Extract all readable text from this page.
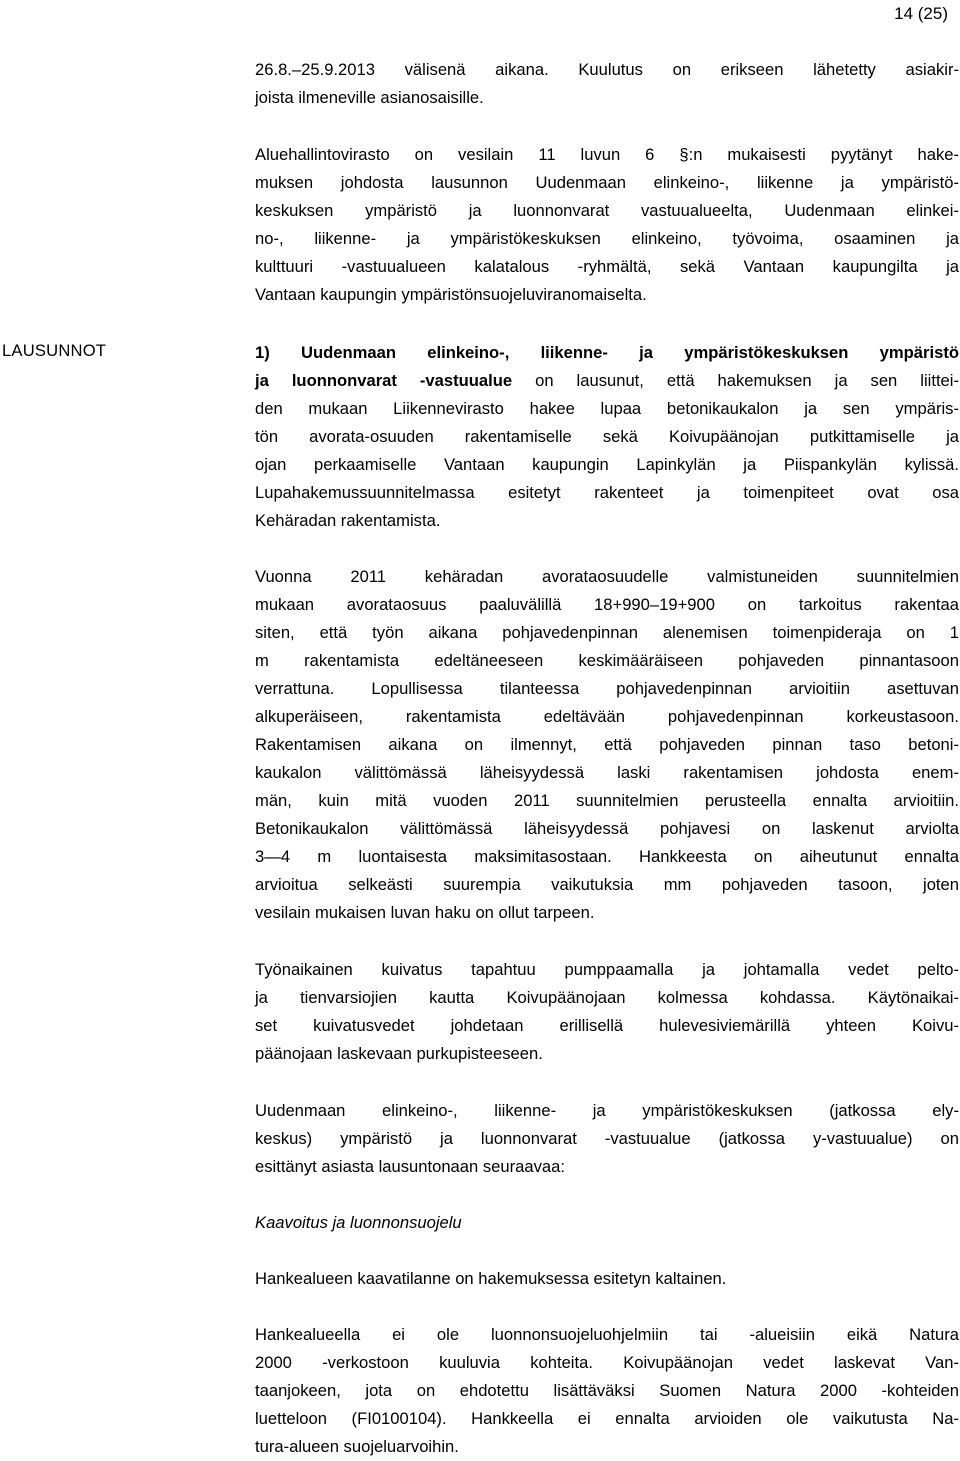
14 (25)
LAUSUNNOT

26.8.–25.9.2013 välisenä aikana. Kuulutus on erikseen lähetetty asiakir-
joista ilmeneville asianosaisille.

Aluehallintovirasto on vesilain 11 luvun 6 §:n mukaisesti pyytänyt hake-
muksen johdosta lausunnon Uudenmaan elinkeino-, liikenne ja ympäristö-
keskuksen ympäristö ja luonnonvarat vastuualueelta, Uudenmaan elinkei-
no-, liikenne- ja ympäristökeskuksen elinkeino, työvoima, osaaminen ja
kulttuuri -vastuualueen kalatalous -ryhmältä, sekä Vantaan kaupungilta ja
Vantaan kaupungin ympäristönsuojeluviranomaiselta.

1) Uudenmaan elinkeino-, liikenne- ja ympäristökeskuksen ympäristö
ja luonnonvarat -vastuualue on lausunut, että hakemuksen ja sen liittei-
den mukaan Liikennevirasto hakee lupaa betonikaukalon ja sen ympäris-
tön avorata-osuuden rakentamiselle sekä Koivupäänojan putkittamiselle ja
ojan perkaamiselle Vantaan kaupungin Lapinkylän ja Piispankylän kylissä.
Lupahakemussuunnitelmassa esitetyt rakenteet ja toimenpiteet ovat osa
Kehäradan rakentamista.

Vuonna 2011 kehäradan avorataosuudelle valmistuneiden suunnitelmien
mukaan avorataosuus paaluvälillä 18+990–19+900 on tarkoitus rakentaa
siten, että työn aikana pohjavedenpinnan alenemisen toimenpideraja on 1
m rakentamista edeltäneeseen keskimääräiseen pohjaveden pinnantasoon
verrattuna. Lopullisessa tilanteessa pohjavedenpinnan arvioitiin asettuvan
alkuperäiseen, rakentamista edeltävään pohjavedenpinnan korkeustasoon.
Rakentamisen aikana on ilmennyt, että pohjaveden pinnan taso betoni-
kaukalon välittömässä läheisyydessä laski rakentamisen johdosta enem-
män, kuin mitä vuoden 2011 suunnitelmien perusteella ennalta arvioitiin.
Betonikaukalon välittömässä läheisyydessä pohjavesi on laskenut arviolta
3—4 m luontaisesta maksimitasostaan. Hankkeesta on aiheutunut ennalta
arvioitua selkeästi suurempia vaikutuksia mm pohjaveden tasoon, joten
vesilain mukaisen luvan haku on ollut tarpeen.

Työnaikainen kuivatus tapahtuu pumppaamalla ja johtamalla vedet pelto-
ja tienvarsiojien kautta Koivupäänojaan kolmessa kohdassa. Käytönaikai-
set kuivatusvedet johdetaan erillisellä hulevesiviemärillä yhteen Koivu-
päänojaan laskevaan purkupisteeseen.

Uudenmaan elinkeino-, liikenne- ja ympäristökeskuksen (jatkossa ely-
keskus) ympäristö ja luonnonvarat -vastuualue (jatkossa y-vastuualue) on
esittänyt asiasta lausuntonaan seuraavaa:

Kaavoitus ja luonnonsuojelu

Hankealueen kaavatilanne on hakemuksessa esitetyn kaltainen.

Hankealueella ei ole luonnonsuojeluohjelmiin tai -alueisiin eikä Natura
2000 -verkostoon kuuluvia kohteita. Koivupäänojan vedet laskevat Van-
taanjokeen, jota on ehdotettu lisättäväksi Suomen Natura 2000 -kohteiden
luetteloon (FI0100104). Hankkeella ei ennalta arvioiden ole vaikutusta Na-
tura-alueen suojeluarvoihin.
